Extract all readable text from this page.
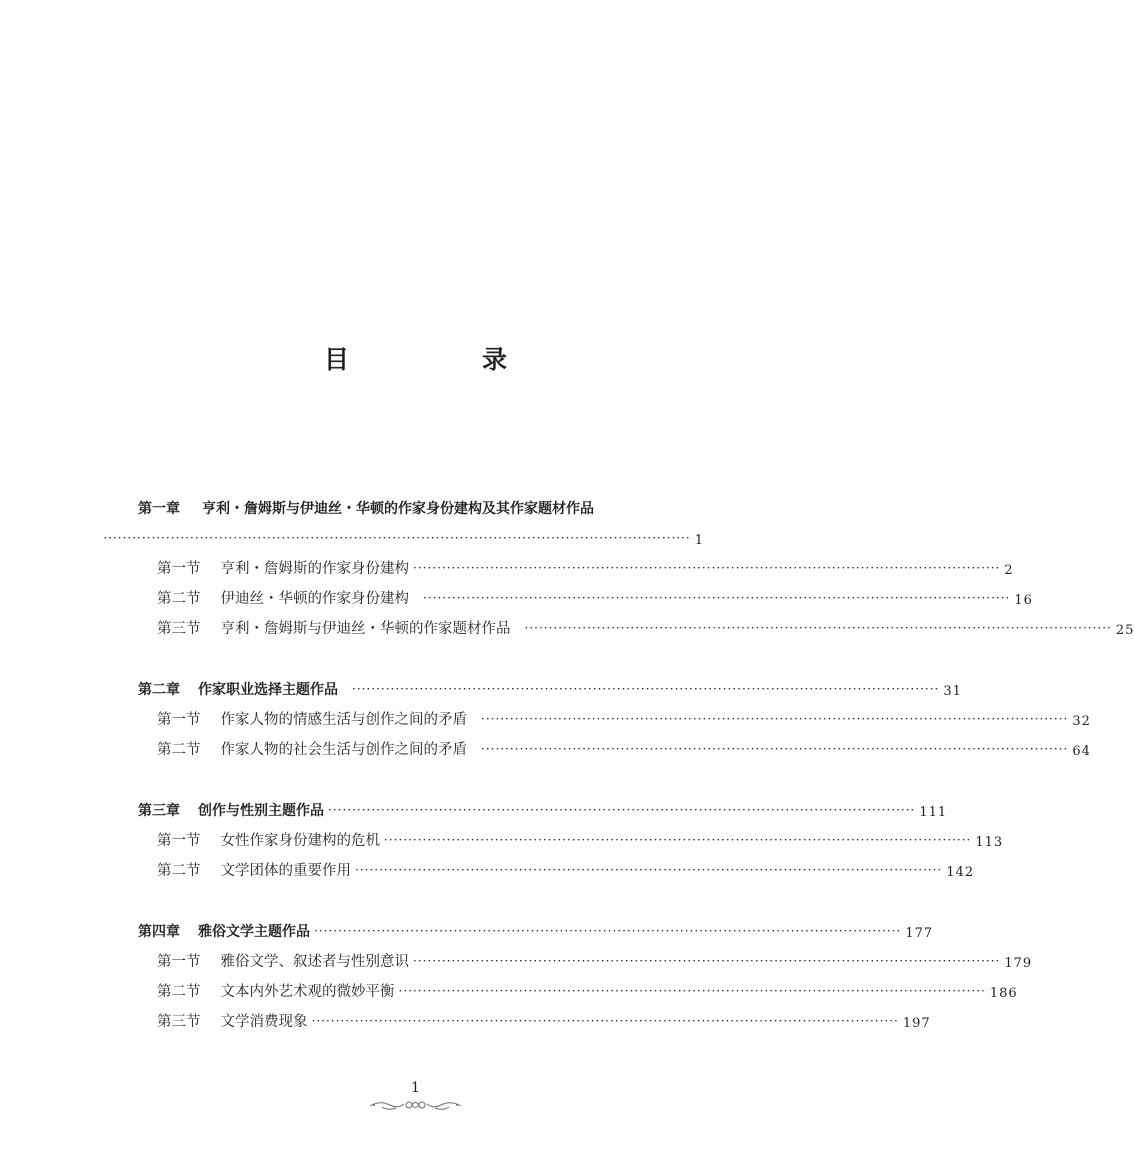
目　录
第一章 亨利・詹姆斯与伊迪丝・华顿的作家身份建构及其作家题材作品
·························································································································· 1
第一节 亨利・詹姆斯的作家身份建构 ·························································································································· 2
第二节 伊迪丝・华顿的作家身份建构 ·························································································································· 16
第三节 亨利・詹姆斯与伊迪丝・华顿的作家题材作品 ·························································································································· 25
第二章 作家职业选择主题作品 ·························································································································· 31
第一节 作家人物的情感生活与创作之间的矛盾 ·························································································································· 32
第二节 作家人物的社会生活与创作之间的矛盾 ·························································································································· 64
第三章 创作与性别主题作品 ·························································································································· 111
第一节 女性作家身份建构的危机 ·························································································································· 113
第二节 文学团体的重要作用 ·························································································································· 142
第四章 雅俗文学主题作品 ·························································································································· 177
第一节 雅俗文学、叙述者与性别意识 ·························································································································· 179
第二节 文本内外艺术观的微妙平衡 ·························································································································· 186
第三节 文学消费现象 ·························································································································· 197
1
